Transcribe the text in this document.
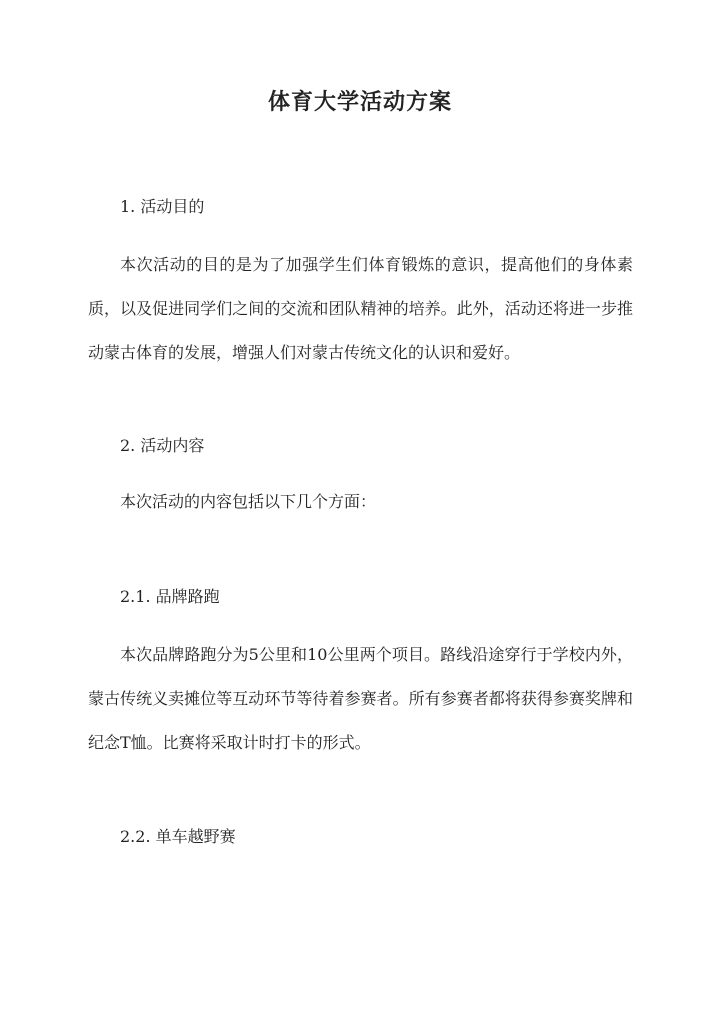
体育大学活动方案
1. 活动目的

本次活动的目的是为了加强学生们体育锻炼的意识，提高他们的身体素质，以及促进同学们之间的交流和团队精神的培养。此外，活动还将进一步推动蒙古体育的发展，增强人们对蒙古传统文化的认识和爱好。

2. 活动内容

本次活动的内容包括以下几个方面：

2.1. 品牌路跑

本次品牌路跑分为5公里和10公里两个项目。路线沿途穿行于学校内外，蒙古传统义卖摊位等互动环节等待着参赛者。所有参赛者都将获得参赛奖牌和纪念T恤。比赛将采取计时打卡的形式。

2.2. 单车越野赛
